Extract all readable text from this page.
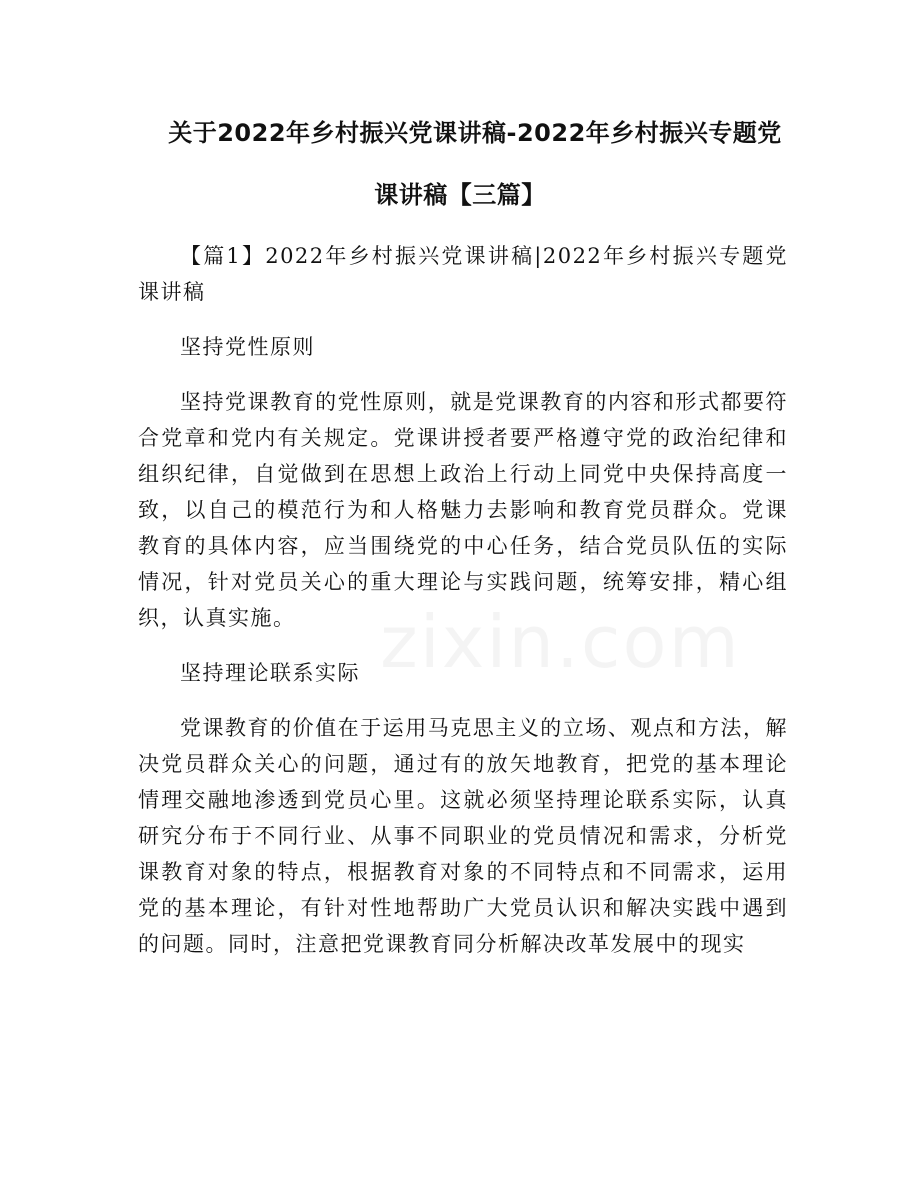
关于2022年乡村振兴党课讲稿-2022年乡村振兴专题党
课讲稿【三篇】

【篇1】2022年乡村振兴党课讲稿|2022年乡村振兴专题党课讲稿

坚持党性原则

坚持党课教育的党性原则，就是党课教育的内容和形式都要符合党章和党内有关规定。党课讲授者要严格遵守党的政治纪律和组织纪律，自觉做到在思想上政治上行动上同党中央保持高度一致，以自己的模范行为和人格魅力去影响和教育党员群众。党课教育的具体内容，应当围绕党的中心任务，结合党员队伍的实际情况，针对党员关心的重大理论与实践问题，统筹安排，精心组织，认真实施。

坚持理论联系实际

党课教育的价值在于运用马克思主义的立场、观点和方法，解决党员群众关心的问题，通过有的放矢地教育，把党的基本理论情理交融地渗透到党员心里。这就必须坚持理论联系实际，认真研究分布于不同行业、从事不同职业的党员情况和需求，分析党课教育对象的特点，根据教育对象的不同特点和不同需求，运用党的基本理论，有针对性地帮助广大党员认识和解决实践中遇到的问题。同时，注意把党课教育同分析解决改革发展中的现实
